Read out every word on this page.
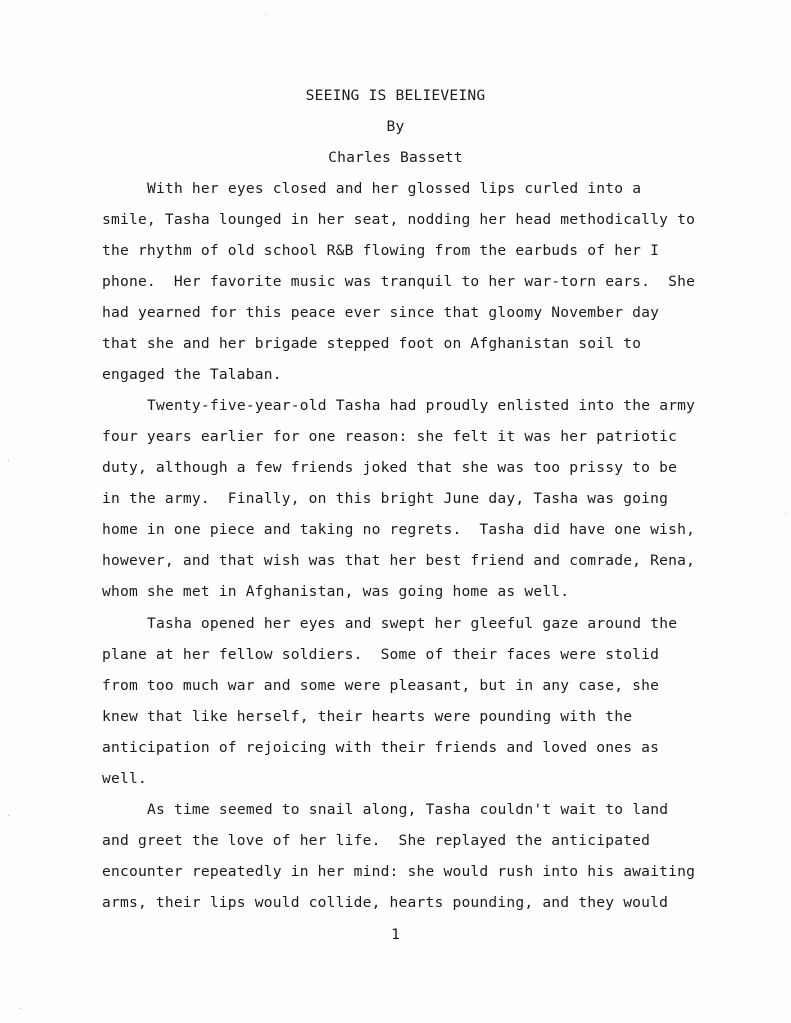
SEEING IS BELIEVEING
By
Charles Bassett
With her eyes closed and her glossed lips curled into a
smile, Tasha lounged in her seat, nodding her head methodically to
the rhythm of old school R&B flowing from the earbuds of her I
phone.  Her favorite music was tranquil to her war-torn ears.  She
had yearned for this peace ever since that gloomy November day
that she and her brigade stepped foot on Afghanistan soil to
engaged the Talaban.
Twenty-five-year-old Tasha had proudly enlisted into the army
four years earlier for one reason: she felt it was her patriotic
duty, although a few friends joked that she was too prissy to be
in the army.  Finally, on this bright June day, Tasha was going
home in one piece and taking no regrets.  Tasha did have one wish,
however, and that wish was that her best friend and comrade, Rena,
whom she met in Afghanistan, was going home as well.
Tasha opened her eyes and swept her gleeful gaze around the
plane at her fellow soldiers.  Some of their faces were stolid
from too much war and some were pleasant, but in any case, she
knew that like herself, their hearts were pounding with the
anticipation of rejoicing with their friends and loved ones as
well.
As time seemed to snail along, Tasha couldn't wait to land
and greet the love of her life.  She replayed the anticipated
encounter repeatedly in her mind: she would rush into his awaiting
arms, their lips would collide, hearts pounding, and they would
1
